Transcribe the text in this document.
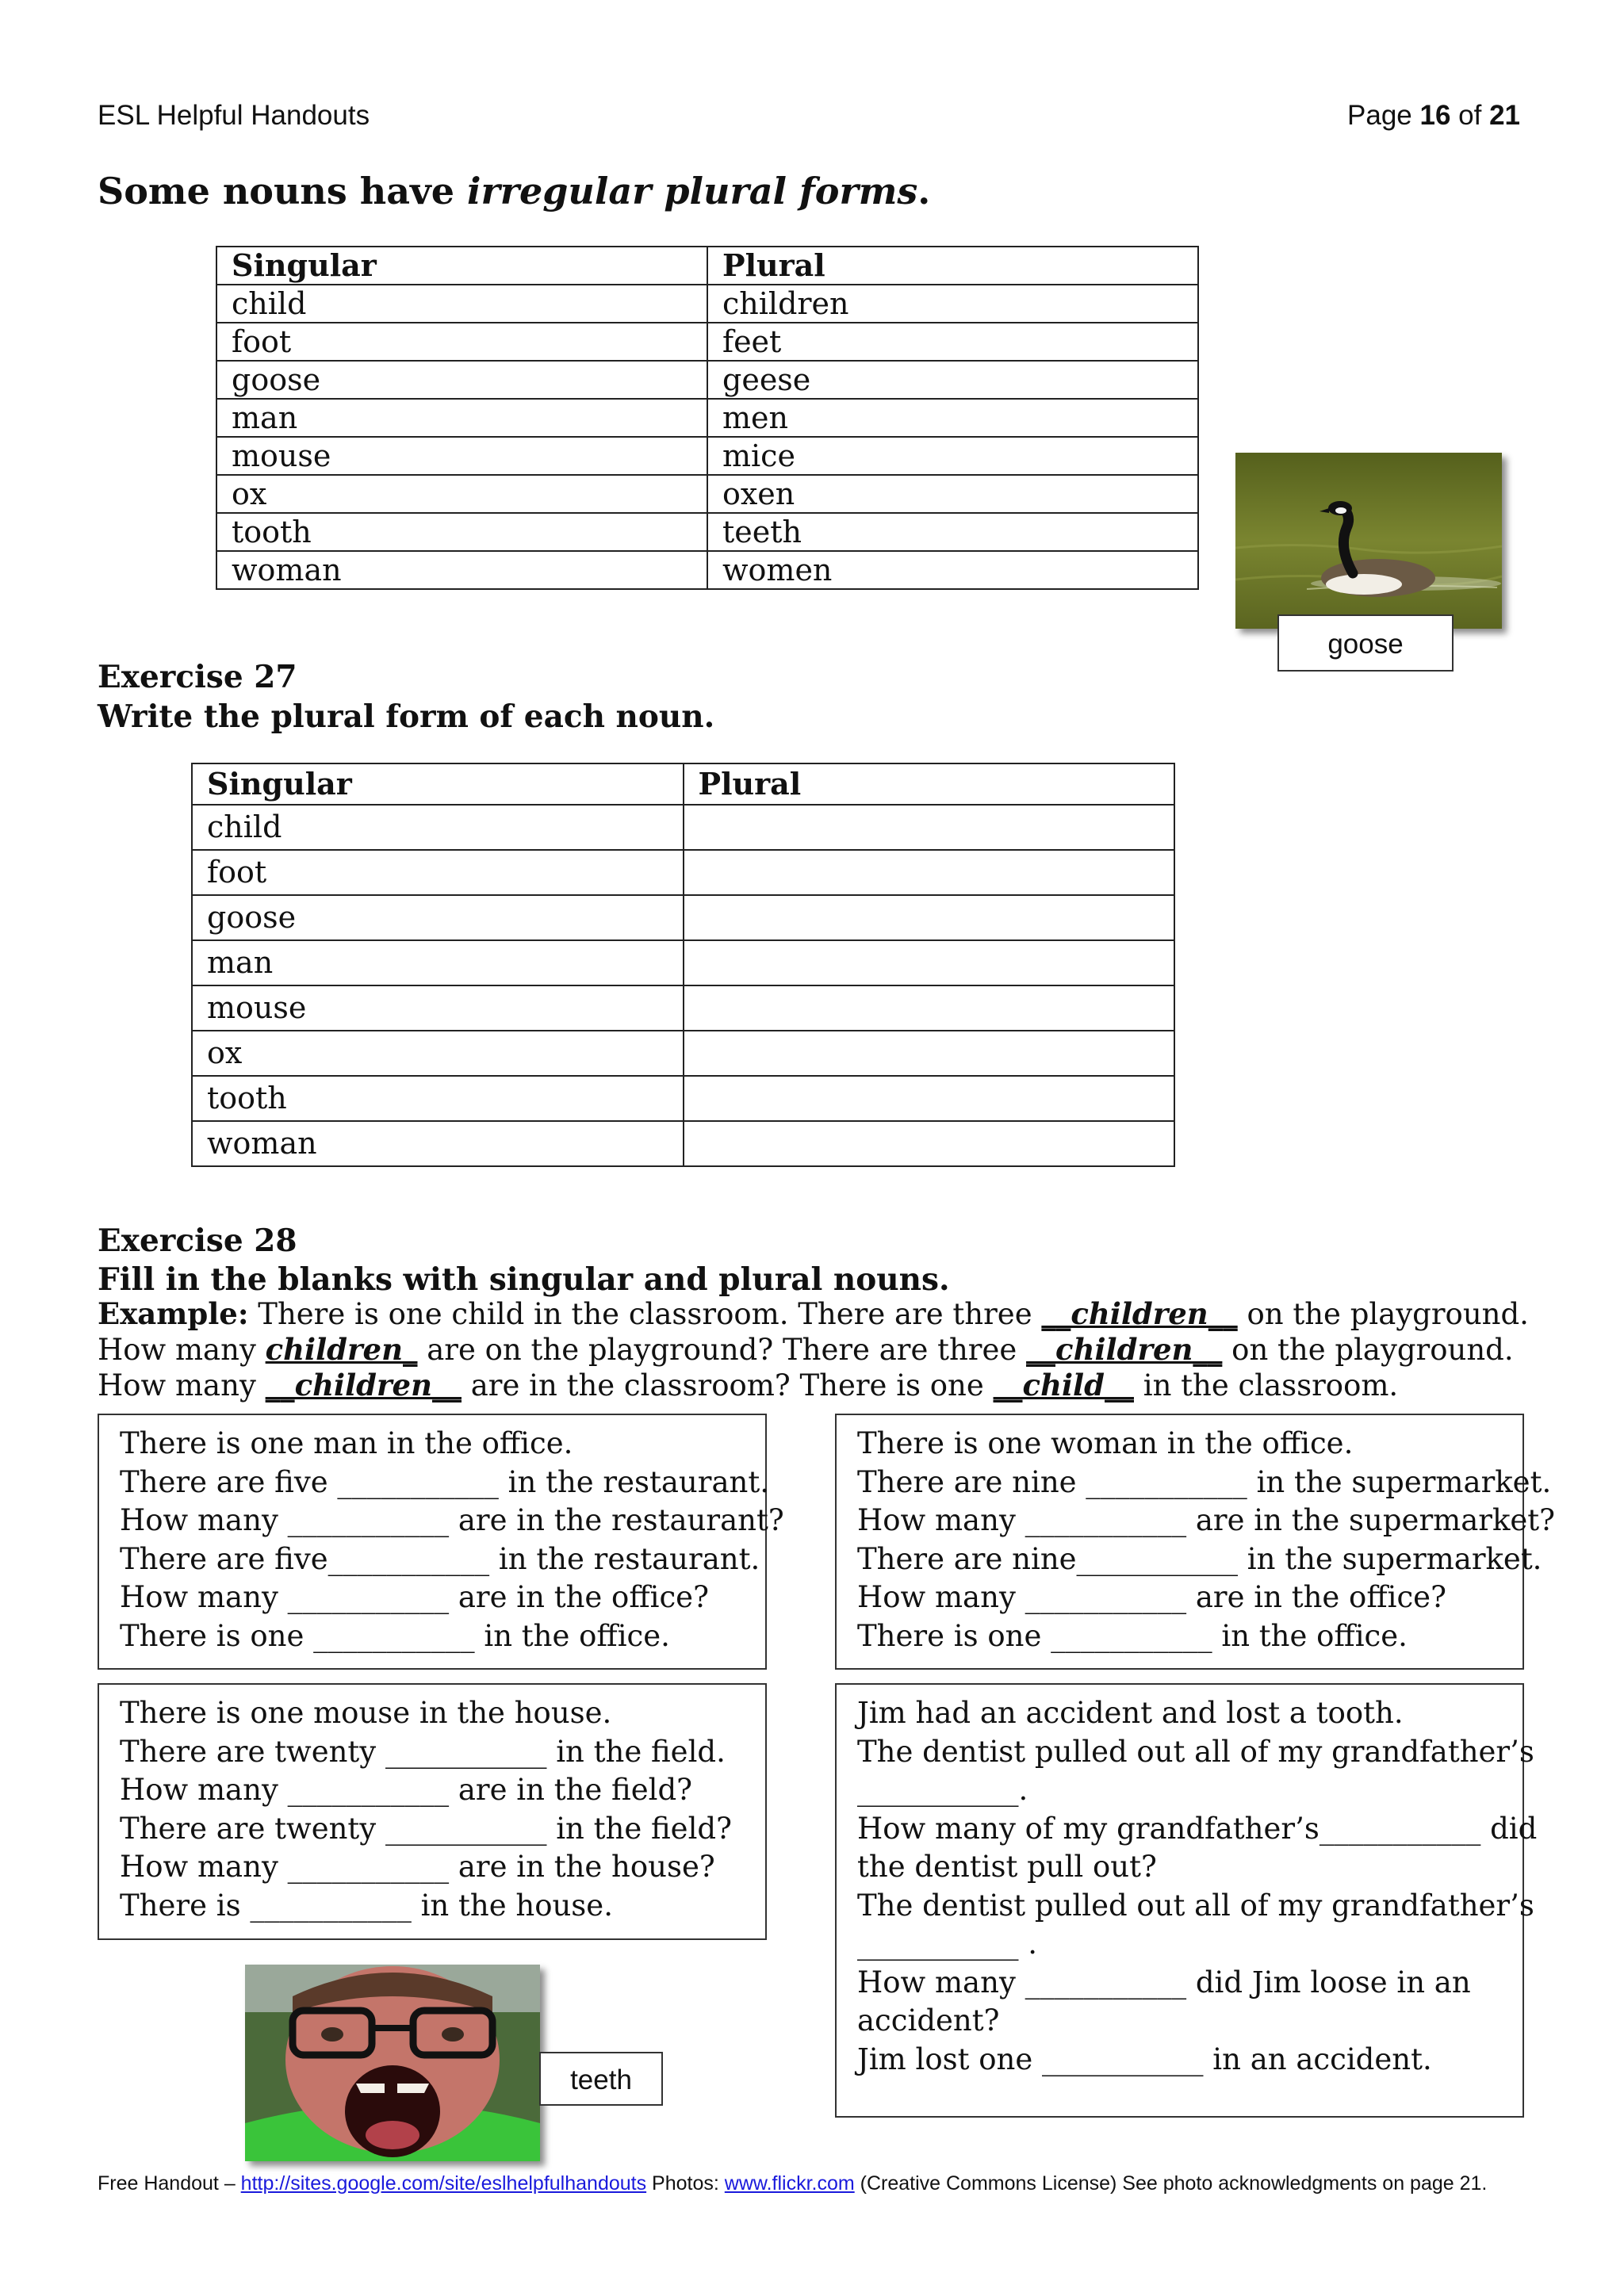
ESL Helpful Handouts	Page 16 of 21
Some nouns have irregular plural forms.
Singular	Plural
child	children
foot	feet
goose	geese
man	men
mouse	mice
ox	oxen
tooth	teeth
woman	women
goose
Exercise 27
Write the plural form of each noun.
Singular	Plural
child	
foot	
goose	
man	
mouse	
ox	
tooth	
woman	
Exercise 28
Fill in the blanks with singular and plural nouns.
Example: There is one child in the classroom. There are three __children__ on the playground.
How many children_ are on the playground? There are three __children__ on the playground.
How many __children__ are in the classroom? There is one __child__ in the classroom.
There is one man in the office.
There are five ___________ in the restaurant.
How many ___________ are in the restaurant?
There are five___________ in the restaurant.
How many ___________ are in the office?
There is one ___________ in the office.
There is one woman in the office.
There are nine ___________ in the supermarket.
How many ___________ are in the supermarket?
There are nine___________ in the supermarket.
How many ___________ are in the office?
There is one ___________ in the office.
There is one mouse in the house.
There are twenty ___________ in the field.
How many ___________ are in the field?
There are twenty ___________ in the field?
How many ___________ are in the house?
There is ___________ in the house.
Jim had an accident and lost a tooth.
The dentist pulled out all of my grandfather’s
___________.
How many of my grandfather’s___________ did
the dentist pull out?
The dentist pulled out all of my grandfather’s
___________ .
How many ___________ did Jim loose in an
accident?
Jim lost one ___________ in an accident.
teeth
Free Handout – http://sites.google.com/site/eslhelpfulhandouts Photos: www.flickr.com (Creative Commons License) See photo acknowledgments on page 21.
